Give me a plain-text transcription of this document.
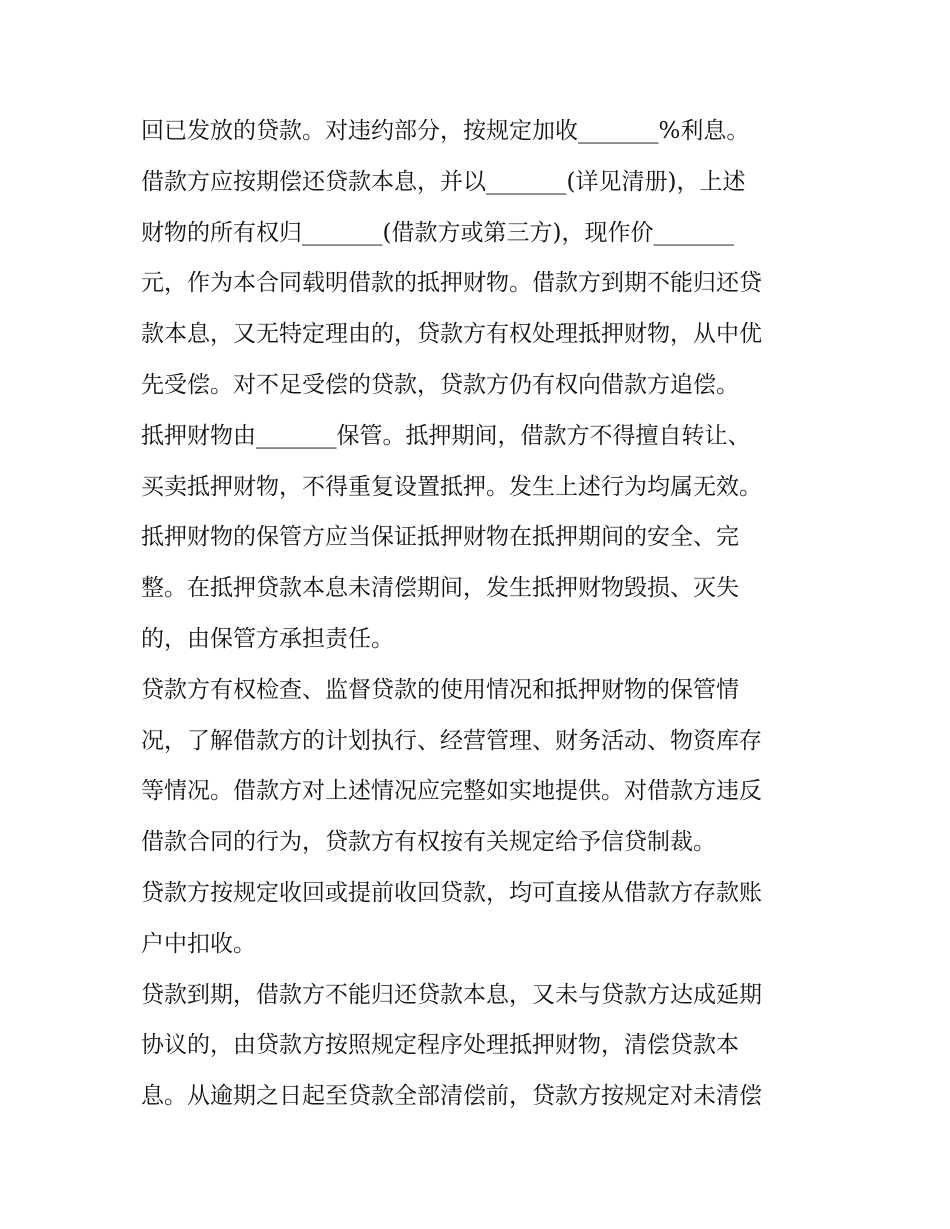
回已发放的贷款。对违约部分，按规定加收_______%利息。
借款方应按期偿还贷款本息，并以_______(详见清册)，上述
财物的所有权归_______(借款方或第三方)，现作价_______
元，作为本合同载明借款的抵押财物。借款方到期不能归还贷
款本息，又无特定理由的，贷款方有权处理抵押财物，从中优
先受偿。对不足受偿的贷款，贷款方仍有权向借款方追偿。
抵押财物由_______保管。抵押期间，借款方不得擅自转让、
买卖抵押财物，不得重复设置抵押。发生上述行为均属无效。
抵押财物的保管方应当保证抵押财物在抵押期间的安全、完
整。在抵押贷款本息未清偿期间，发生抵押财物毁损、灭失
的，由保管方承担责任。
贷款方有权检查、监督贷款的使用情况和抵押财物的保管情
况，了解借款方的计划执行、经营管理、财务活动、物资库存
等情况。借款方对上述情况应完整如实地提供。对借款方违反
借款合同的行为，贷款方有权按有关规定给予信贷制裁。
贷款方按规定收回或提前收回贷款，均可直接从借款方存款账
户中扣收。
贷款到期，借款方不能归还贷款本息，又未与贷款方达成延期
协议的，由贷款方按照规定程序处理抵押财物，清偿贷款本
息。从逾期之日起至贷款全部清偿前，贷款方按规定对未清偿
